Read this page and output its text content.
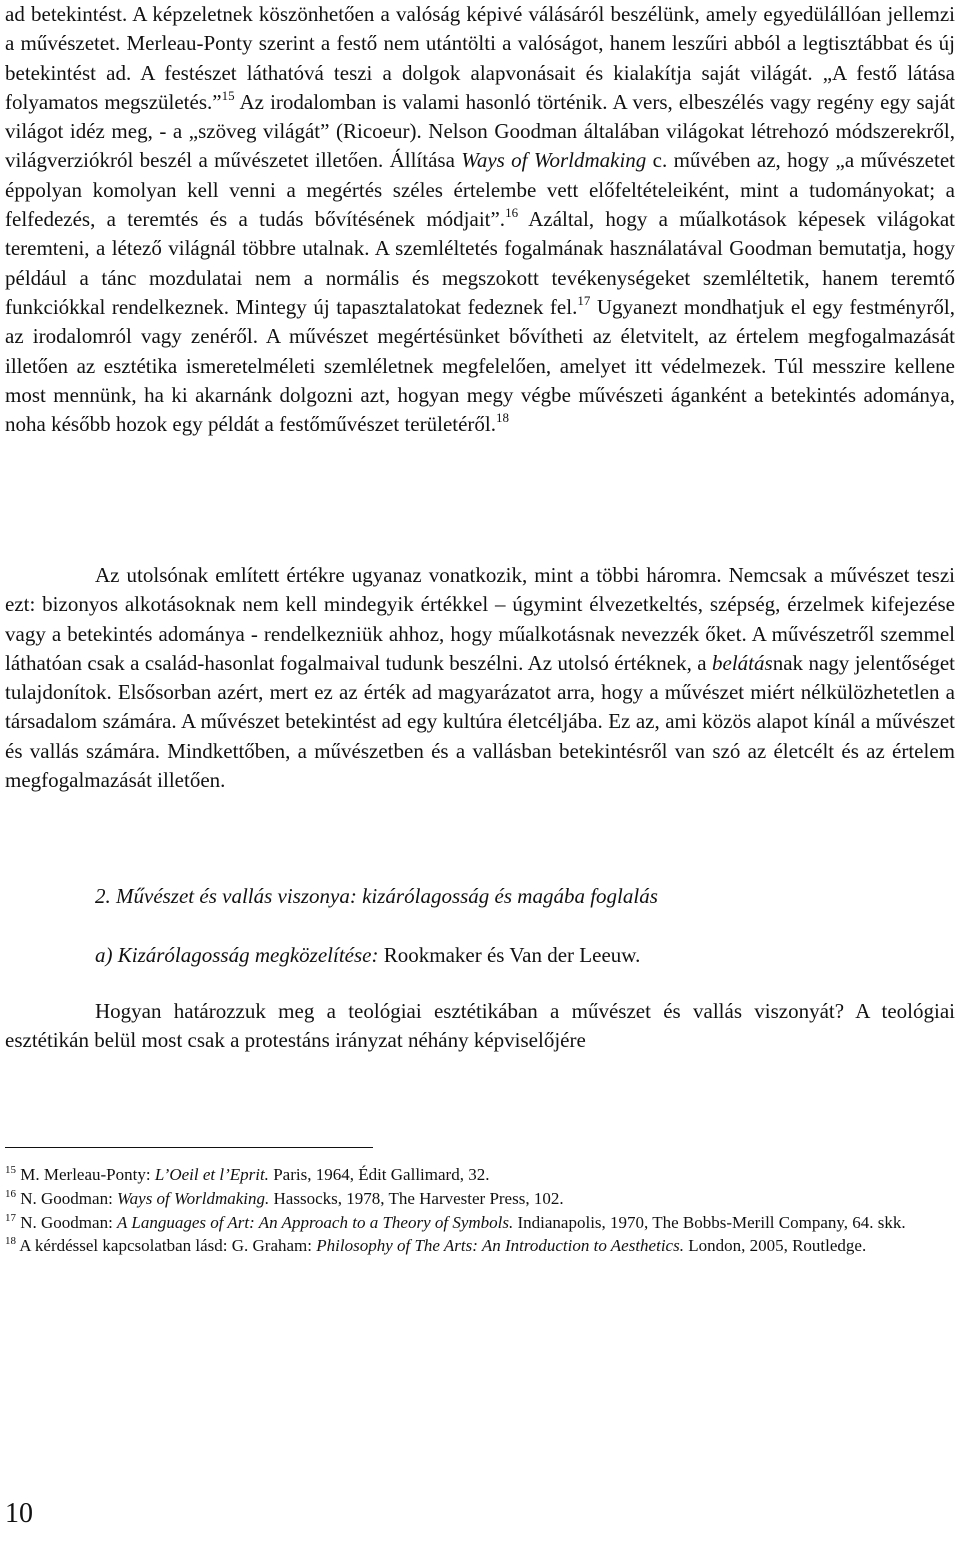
ad betekintést. A képzeletnek köszönhetően a valóság képivé válásáról beszélünk, amely egyedülállóan jellemzi a művészetet. Merleau-Ponty szerint a festő nem utántölti a valóságot, hanem leszűri abból a legtisztábbat és új betekintést ad. A festészet láthatóvá teszi a dolgok alapvonásait és kialakítja saját világát. „A festő látása folyamatos megszületés.”$^{15}$ Az irodalomban is valami hasonló történik. A vers, elbeszélés vagy regény egy saját világot idéz meg, - a „szöveg világát” (Ricoeur). Nelson Goodman általában világokat létrehozó módszerekről, világverziókról beszél a művészetet illetően. Állítása Ways of Worldmaking c. művében az, hogy „a művészetet éppolyan komolyan kell venni a megértés széles értelembe vett előfeltételeiként, mint a tudományokat; a felfedezés, a teremtés és a tudás bővítésének módjait”.$^{16}$ Azáltal, hogy a műalkotások képesek világokat teremteni, a létező világnál többre utalnak. A szemléltetés fogalmának használatával Goodman bemutatja, hogy például a tánc mozdulatai nem a normális és megszokott tevékenységeket szemléltetik, hanem teremtő funkciókkal rendelkeznek. Mintegy új tapasztalatokat fedeznek fel.$^{17}$ Ugyanezt mondhatjuk el egy festményről, az irodalomról vagy zenéről. A művészet megértésünket bővítheti az életvitelt, az értelem megfogalmazását illetően az esztétika ismeretelméleti szemléletnek megfelelően, amelyet itt védelmezek. Túl messzire kellene most mennünk, ha ki akarnánk dolgozni azt, hogyan megy végbe művészeti áganként a betekintés adománya, noha később hozok egy példát a festőművészet területéről.$^{18}$

Az utolsónak említett értékre ugyanaz vonatkozik, mint a többi háromra. Nemcsak a művészet teszi ezt: bizonyos alkotásoknak nem kell mindegyik értékkel – úgymint élvezetkeltés, szépség, érzelmek kifejezése vagy a betekintés adománya - rendelkezniük ahhoz, hogy műalkotásnak nevezzék őket. A művészetről szemmel láthatóan csak a család-hasonlat fogalmaival tudunk beszélni. Az utolsó értéknek, a belátásnak nagy jelentőséget tulajdonítok. Elsősorban azért, mert ez az érték ad magyarázatot arra, hogy a művészet miért nélkülözhetetlen a társadalom számára. A művészet betekintést ad egy kultúra életcéljába. Ez az, ami közös alapot kínál a művészet és vallás számára. Mindkettőben, a művészetben és a vallásban betekintésről van szó az életcélt és az értelem megfogalmazását illetően.

2. Művészet és vallás viszonya: kizárólagosság és magába foglalás

a) Kizárólagosság megközelítése: Rookmaker és Van der Leeuw.

Hogyan határozzuk meg a teológiai esztétikában a művészet és vallás viszonyát? A teológiai esztétikán belül most csak a protestáns irányzat néhány képviselőjére

$^{15}$ M. Merleau-Ponty: L’Oeil et l’Eprit. Paris, 1964, Édit Gallimard, 32.

$^{16}$ N. Goodman: Ways of Worldmaking. Hassocks, 1978, The Harvester Press, 102.

$^{17}$ N. Goodman: A Languages of Art: An Approach to a Theory of Symbols. Indianapolis, 1970, The Bobbs-Merill Company, 64. skk.

$^{18}$ A kérdéssel kapcsolatban lásd: G. Graham: Philosophy of The Arts: An Introduction to Aesthetics. London, 2005, Routledge.

10
